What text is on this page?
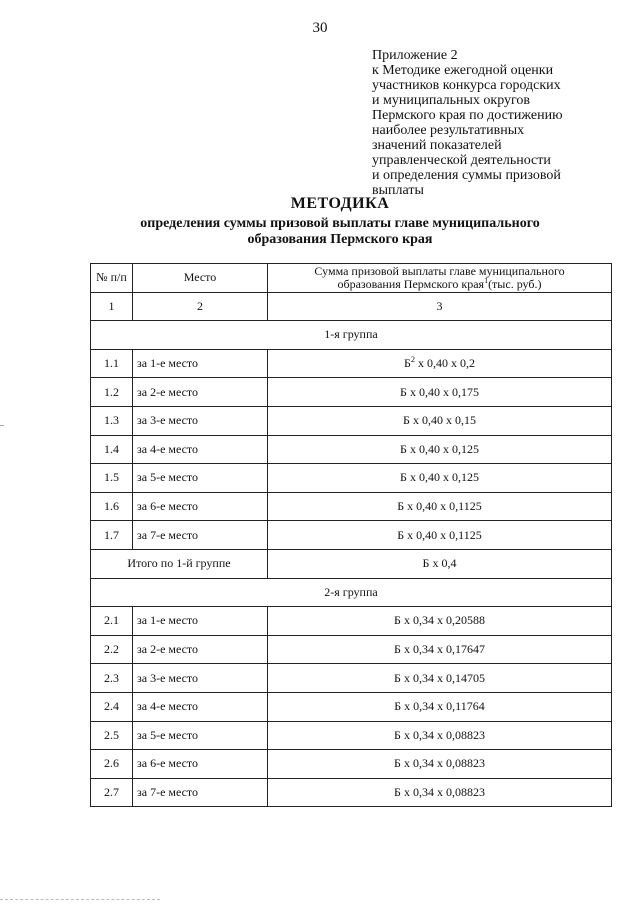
30
Приложение 2
к Методике ежегодной оценки
участников конкурса городских
и муниципальных округов
Пермского края по достижению
наиболее результативных
значений показателей
управленческой деятельности
и определения суммы призовой
выплаты
МЕТОДИКА
определения суммы призовой выплаты главе муниципального
образования Пермского края
№ п/п	Место	Сумма призовой выплаты главе муниципального
образования Пермского края$^1$(тыс. руб.)
1	2	3
1-я группа		
1.1	за 1-е место	$Б^2$ х 0,40 х 0,2
1.2	за 2-е место	Б х 0,40 х 0,175
1.3	за 3-е место	Б х 0,40 х 0,15
1.4	за 4-е место	Б х 0,40 х 0,125
1.5	за 5-е место	Б х 0,40 х 0,125
1.6	за 6-е место	Б х 0,40 х 0,1125
1.7	за 7-е место	Б х 0,40 х 0,1125
Итого по 1-й группе		Б х 0,4
2-я группа		
2.1	за 1-е место	Б х 0,34 х 0,20588
2.2	за 2-е место	Б х 0,34 х 0,17647
2.3	за 3-е место	Б х 0,34 х 0,14705
2.4	за 4-е место	Б х 0,34 х 0,11764
2.5	за 5-е место	Б х 0,34 х 0,08823
2.6	за 6-е место	Б х 0,34 х 0,08823
2.7	за 7-е место	Б х 0,34 х 0,08823
